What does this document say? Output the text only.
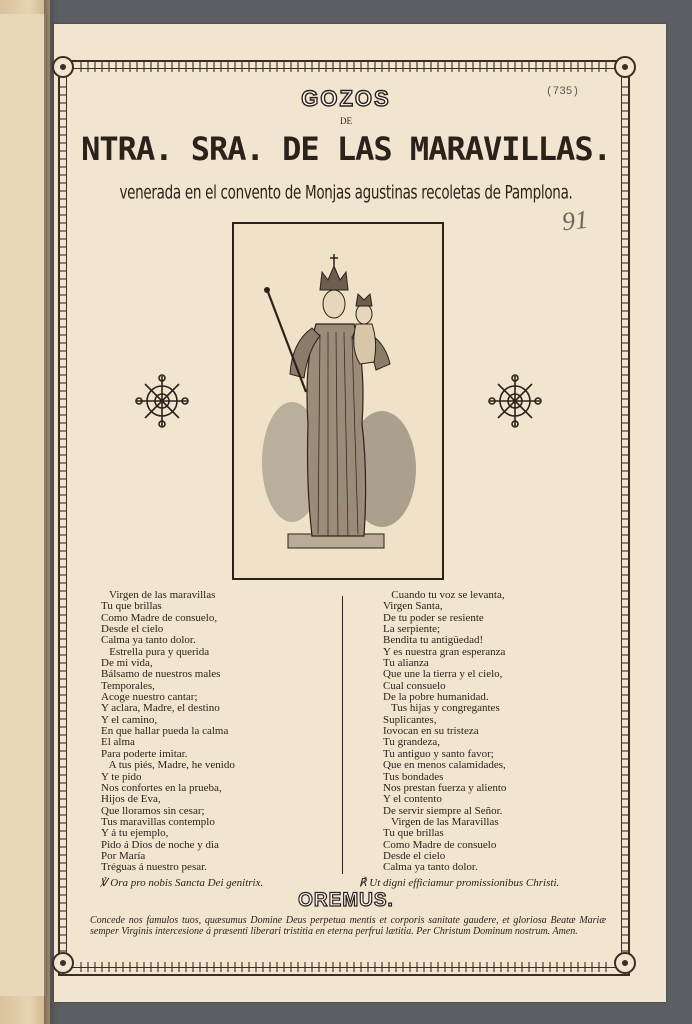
GOZOS
DE
NTRA. SRA. DE LAS MARAVILLAS.
venerada en el convento de Monjas agustinas recoletas de Pamplona.
(735)
91
Virgen de las maravillas
Tu que brillas
Como Madre de consuelo,
Desde el cielo
Calma ya tanto dolor.
Estrella pura y querida
De mi vida,
Bálsamo de nuestros males
Temporales,
Acoge nuestro cantar;
Y aclara, Madre, el destino
Y el camino,
En que hallar pueda la calma
El alma
Para poderte imitar.
A tus piés, Madre, he venido
Y te pido
Nos confortes en la prueba,
Hijos de Eva,
Que lloramos sin cesar;
Tus maravillas contemplo
Y á tu ejemplo,
Pido á Dios de noche y dia
Por María
Tréguas á nuestro pesar.
Cuando tu voz se levanta,
Virgen Santa,
De tu poder se resiente
La serpiente;
Bendita tu antigüedad!
Y es nuestra gran esperanza
Tu alianza
Que une la tierra y el cielo,
Cual consuelo
De la pobre humanidad.
Tus hijas y congregantes
Suplicantes,
Iovocan en su tristeza
Tu grandeza,
Tu antiguo y santo favor;
Que en menos calamidades,
Tus bondades
Nos prestan fuerza y aliento
Y el contento
De servir siempre al Señor.
Virgen de las Maravillas
Tu que brillas
Como Madre de consuelo
Desde el cielo
Calma ya tanto dolor.
℣ Ora pro nobis Sancta Dei genitrix.	℟ Ut digni efficiamur promissionibus Christi.
OREMUS.
Concede nos famulos tuos, quæsumus Domine Deus perpetua mentis et corporis sanitate gaudere, et gloriosa Beatæ Mariæ semper Virginis intercesione á præsenti liberari tristitia en eterna perfrui lætitia. Per Christum Dominum nostrum. Amen.
